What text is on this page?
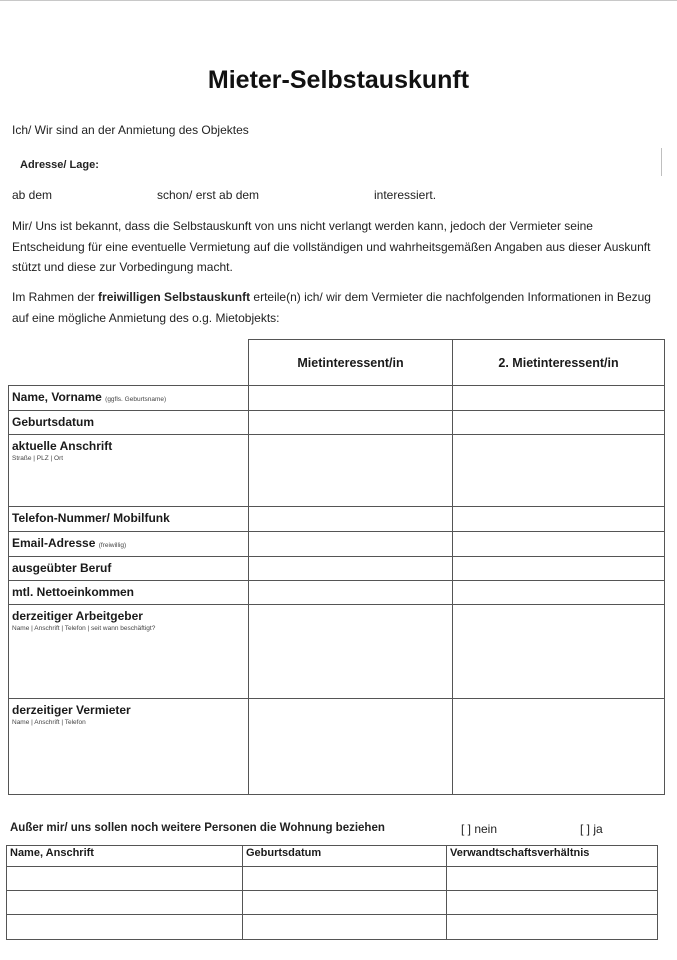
Mieter-Selbstauskunft
Ich/ Wir sind an der Anmietung des Objektes
Adresse/ Lage:
ab dem	schon/ erst ab dem	interessiert.
Mir/ Uns ist bekannt, dass die Selbstauskunft von uns nicht verlangt werden kann, jedoch der Vermieter seine Entscheidung für eine eventuelle Vermietung auf die vollständigen und wahrheitsgemäßen Angaben aus dieser Auskunft stützt und diese zur Vorbedingung macht.
Im Rahmen der freiwilligen Selbstauskunft erteile(n) ich/ wir dem Vermieter die nachfolgenden Informationen in Bezug auf eine mögliche Anmietung des o.g. Mietobjekts:
	Mietinteressent/in	2. Mietinteressent/in
Name, Vorname (ggfls. Geburtsname)		
Geburtsdatum		
aktuelle Anschrift
Straße | PLZ | Ort		

Telefon-Nummer/ Mobilfunk		
Email-Adresse (freiwillig)		
ausgeübter Beruf		
mtl. Nettoeinkommen		
derzeitiger Arbeitgeber
Name | Anschrift | Telefon | seit wann beschäftigt?		

derzeitiger Vermieter
Name | Anschrift | Telefon		

Außer mir/ uns sollen noch weitere Personen die Wohnung beziehen	[ ] nein	[ ] ja
Name, Anschrift	Geburtsdatum	Verwandtschaftsverhältnis
